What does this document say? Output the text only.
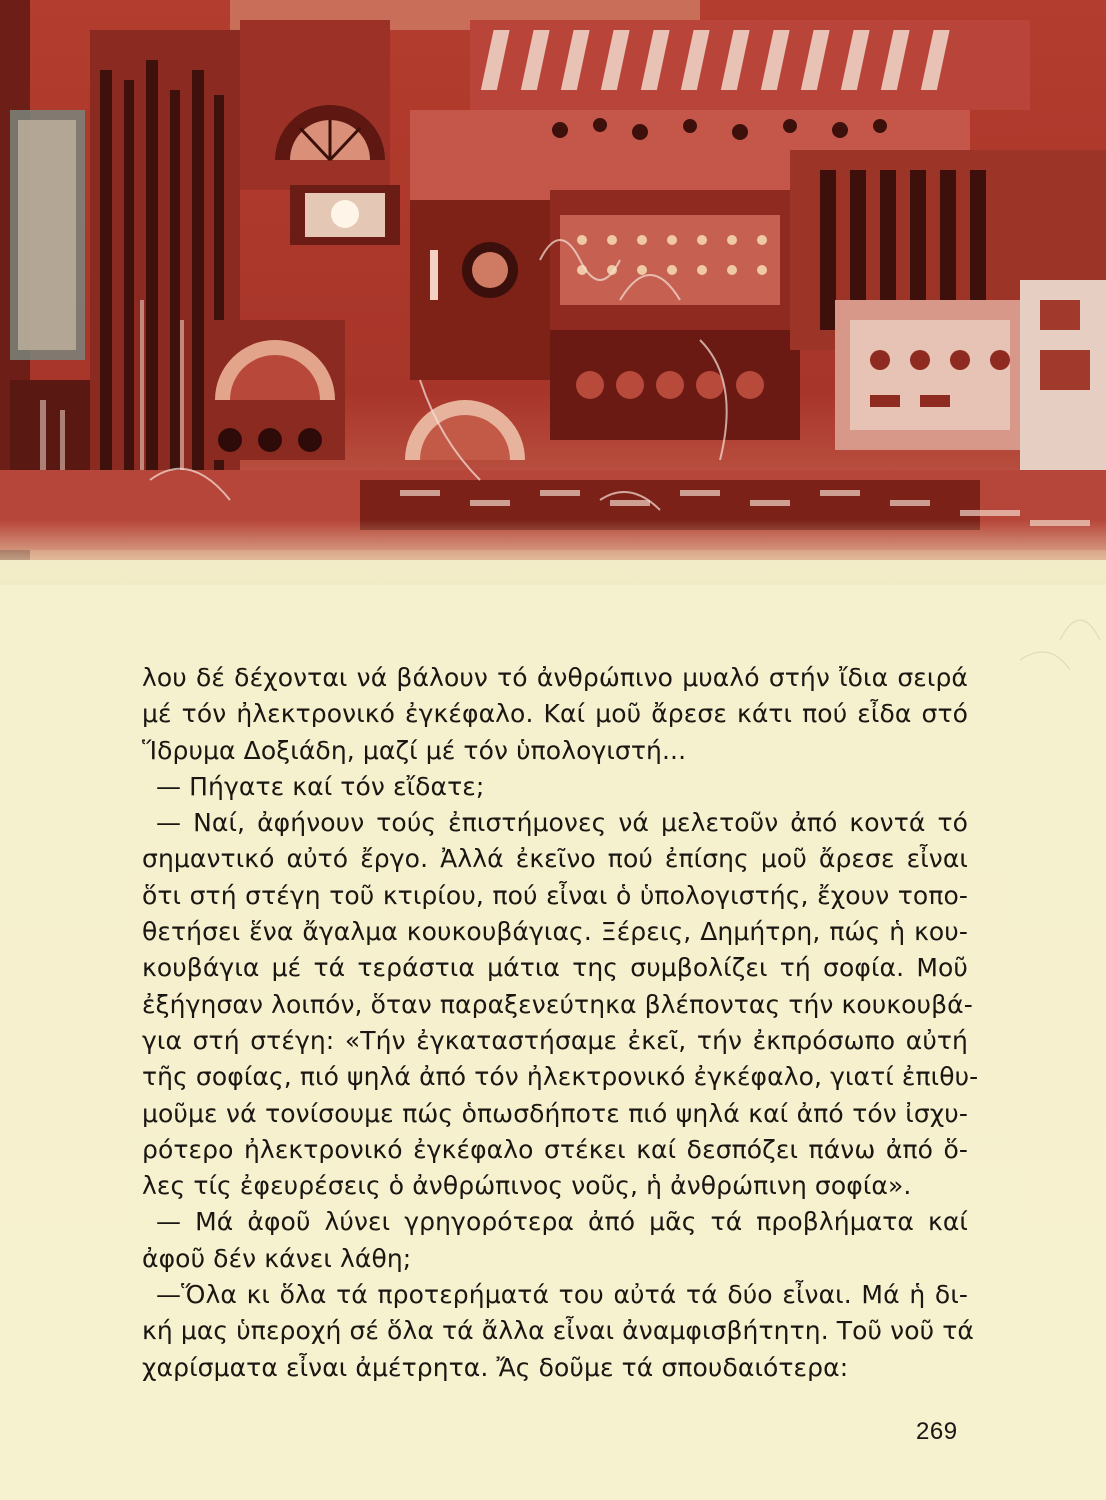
λου δέ δέχονται νά βάλουν τό ἀνθρώπινο μυαλό στήν ἴδια σειρά
μέ τόν ἠλεκτρονικό ἐγκέφαλο. Καί μοῦ ἄρεσε κάτι πού εἶδα στό
Ἵδρυμα Δοξιάδη, μαζί μέ τόν ὑπολογιστή...
— Πήγατε καί τόν εἴδατε;
— Ναί, ἀφήνουν τούς ἐπιστήμονες νά μελετοῦν ἀπό κοντά τό
σημαντικό αὐτό ἔργο. Ἀλλά ἐκεῖνο πού ἐπίσης μοῦ ἄρεσε εἶναι
ὅτι στή στέγη τοῦ κτιρίου, πού εἶναι ὁ ὑπολογιστής, ἔχουν τοπο-
θετήσει ἕνα ἄγαλμα κουκουβάγιας. Ξέρεις, Δημήτρη, πώς ἡ κου-
κουβάγια μέ τά τεράστια μάτια της συμβολίζει τή σοφία. Μοῦ
ἐξήγησαν λοιπόν, ὅταν παραξενεύτηκα βλέποντας τήν κουκουβά-
για στή στέγη: «Τήν ἐγκαταστήσαμε ἐκεῖ, τήν ἐκπρόσωπο αὐτή
τῆς σοφίας, πιό ψηλά ἀπό τόν ἠλεκτρονικό ἐγκέφαλο, γιατί ἐπιθυ-
μοῦμε νά τονίσουμε πώς ὁπωσδήποτε πιό ψηλά καί ἀπό τόν ἰσχυ-
ρότερο ἠλεκτρονικό ἐγκέφαλο στέκει καί δεσπόζει πάνω ἀπό ὅ-
λες τίς ἐφευρέσεις ὁ ἀνθρώπινος νοῦς, ἡ ἀνθρώπινη σοφία».
— Μά ἀφοῦ λύνει γρηγορότερα ἀπό μᾶς τά προβλήματα καί
ἀφοῦ δέν κάνει λάθη;
—Ὅλα κι ὅλα τά προτερήματά του αὐτά τά δύο εἶναι. Μά ἡ δι-
κή μας ὑπεροχή σέ ὅλα τά ἄλλα εἶναι ἀναμφισβήτητη. Τοῦ νοῦ τά
χαρίσματα εἶναι ἀμέτρητα. Ἄς δοῦμε τά σπουδαιότερα:
269
